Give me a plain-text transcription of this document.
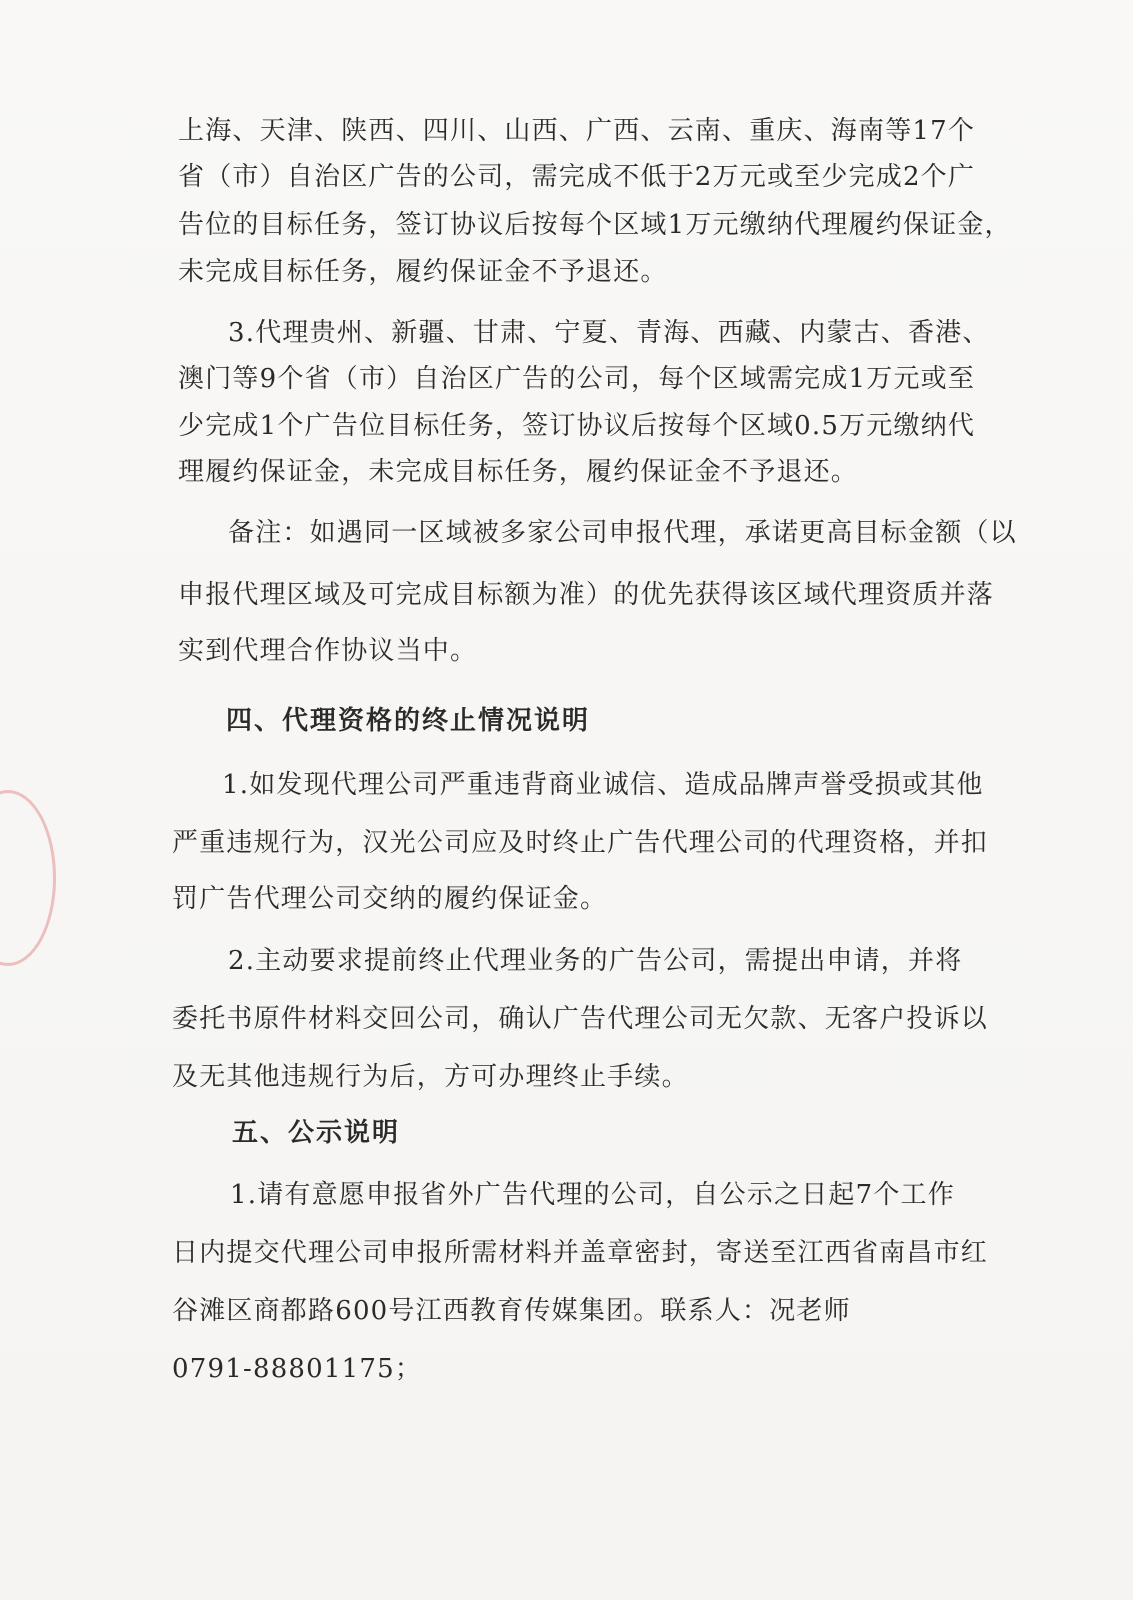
上海、天津、陕西、四川、山西、广西、云南、重庆、海南等17个
省（市）自治区广告的公司，需完成不低于2万元或至少完成2个广
告位的目标任务，签订协议后按每个区域1万元缴纳代理履约保证金，
未完成目标任务，履约保证金不予退还。
3.代理贵州、新疆、甘肃、宁夏、青海、西藏、内蒙古、香港、
澳门等9个省（市）自治区广告的公司，每个区域需完成1万元或至
少完成1个广告位目标任务，签订协议后按每个区域0.5万元缴纳代
理履约保证金，未完成目标任务，履约保证金不予退还。
备注：如遇同一区域被多家公司申报代理，承诺更高目标金额（以
申报代理区域及可完成目标额为准）的优先获得该区域代理资质并落
实到代理合作协议当中。
四、代理资格的终止情况说明
1.如发现代理公司严重违背商业诚信、造成品牌声誉受损或其他
严重违规行为，汉光公司应及时终止广告代理公司的代理资格，并扣
罚广告代理公司交纳的履约保证金。
2.主动要求提前终止代理业务的广告公司，需提出申请，并将
委托书原件材料交回公司，确认广告代理公司无欠款、无客户投诉以
及无其他违规行为后，方可办理终止手续。
五、公示说明
1.请有意愿申报省外广告代理的公司，自公示之日起7个工作
日内提交代理公司申报所需材料并盖章密封，寄送至江西省南昌市红
谷滩区商都路600号江西教育传媒集团。联系人：况老师
0791-88801175；
